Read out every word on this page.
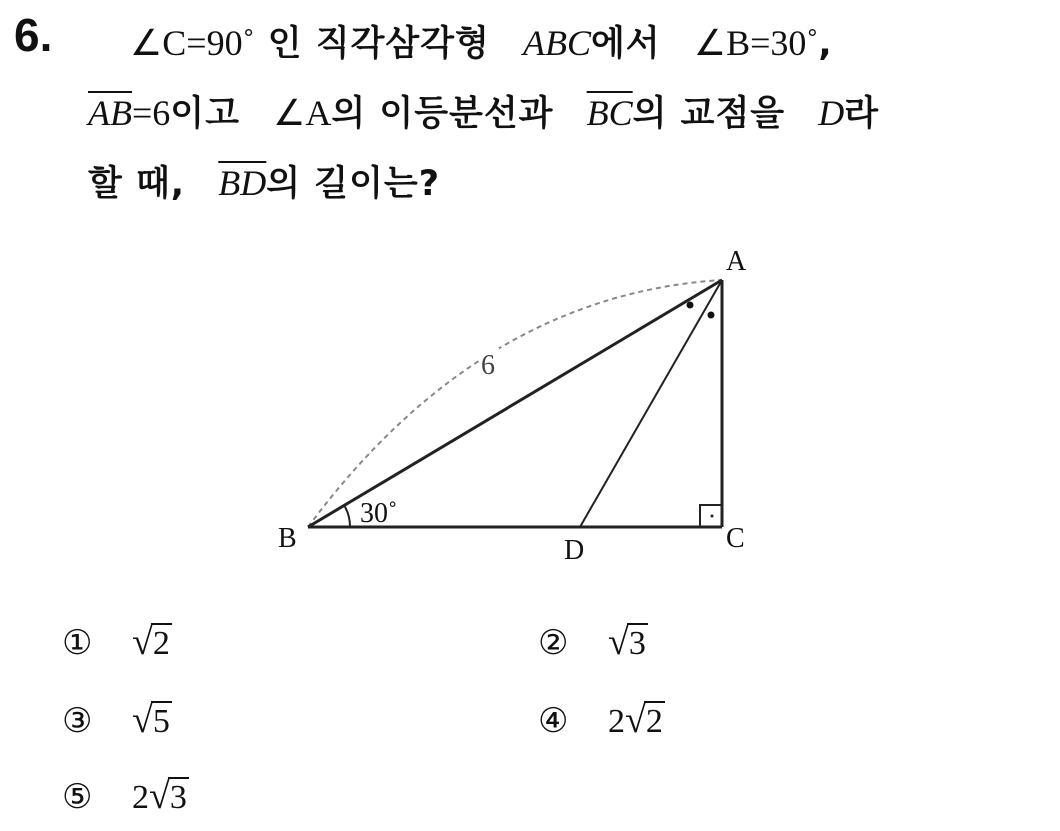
6. ∠C=90˚ 인 직각삼각형 ABC에서 ∠B=30˚,
$\overline{AB}=6$이고 ∠A의 이등분선과 $\overline{BC}$의 교점을 D라
할 때, $\overline{BD}$의 길이는?
A
B	C
D
6
30˚
① √2	② √3
③ √5	④ 2√2
⑤ 2√3
